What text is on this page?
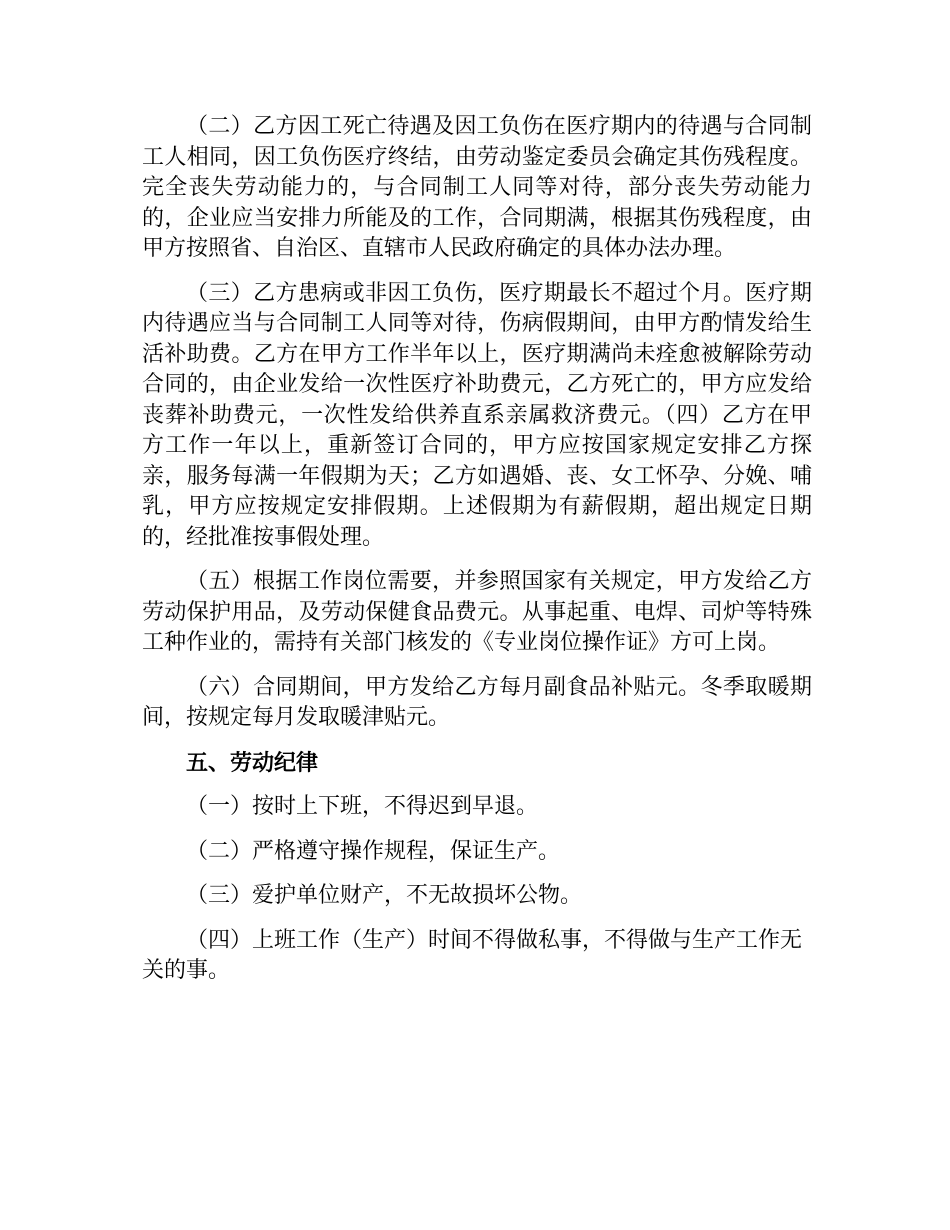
（二）乙方因工死亡待遇及因工负伤在医疗期内的待遇与合同制工人相同，因工负伤医疗终结，由劳动鉴定委员会确定其伤残程度。完全丧失劳动能力的，与合同制工人同等对待，部分丧失劳动能力的，企业应当安排力所能及的工作，合同期满，根据其伤残程度，由甲方按照省、自治区、直辖市人民政府确定的具体办法办理。

（三）乙方患病或非因工负伤，医疗期最长不超过个月。医疗期内待遇应当与合同制工人同等对待，伤病假期间，由甲方酌情发给生活补助费。乙方在甲方工作半年以上，医疗期满尚未痊愈被解除劳动合同的，由企业发给一次性医疗补助费元，乙方死亡的，甲方应发给丧葬补助费元，一次性发给供养直系亲属救济费元。（四）乙方在甲方工作一年以上，重新签订合同的，甲方应按国家规定安排乙方探亲，服务每满一年假期为天；乙方如遇婚、丧、女工怀孕、分娩、哺乳，甲方应按规定安排假期。上述假期为有薪假期，超出规定日期的，经批准按事假处理。

（五）根据工作岗位需要，并参照国家有关规定，甲方发给乙方劳动保护用品，及劳动保健食品费元。从事起重、电焊、司炉等特殊工种作业的，需持有关部门核发的《专业岗位操作证》方可上岗。

（六）合同期间，甲方发给乙方每月副食品补贴元。冬季取暖期间，按规定每月发取暖津贴元。

五、劳动纪律

（一）按时上下班，不得迟到早退。

（二）严格遵守操作规程，保证生产。

（三）爱护单位财产，不无故损坏公物。

（四）上班工作（生产）时间不得做私事，不得做与生产工作无关的事。
